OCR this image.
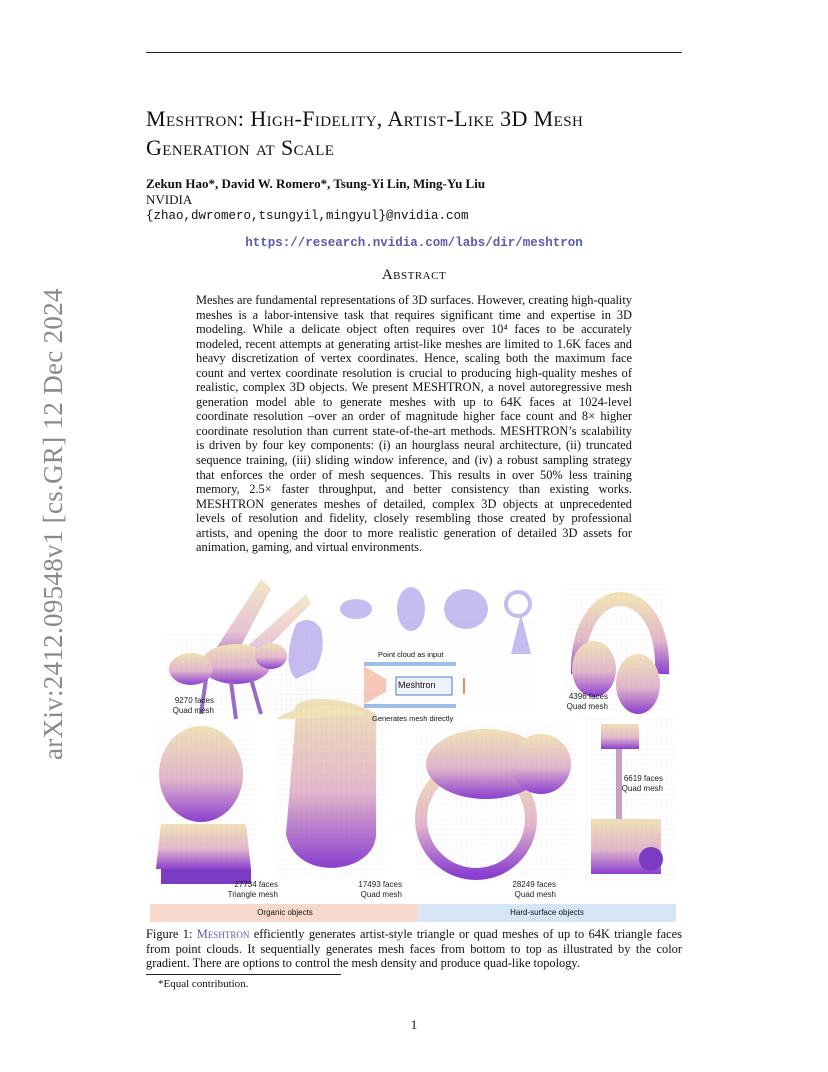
arXiv:2412.09548v1 [cs.GR] 12 Dec 2024
Meshtron: High-Fidelity, Artist-Like 3D Mesh
Generation at Scale
Zekun Hao*, David W. Romero*, Tsung-Yi Lin, Ming-Yu Liu
NVIDIA
{zhao,dwromero,tsungyil,mingyul}@nvidia.com
https://research.nvidia.com/labs/dir/meshtron
Abstract
Meshes are fundamental representations of 3D surfaces. However, creating high-quality meshes is a labor-intensive task that requires significant time and expertise in 3D modeling. While a delicate object often requires over 10⁴ faces to be accurately modeled, recent attempts at generating artist-like meshes are limited to 1.6K faces and heavy discretization of vertex coordinates. Hence, scaling both the maximum face count and vertex coordinate resolution is crucial to producing high-quality meshes of realistic, complex 3D objects. We present MESHTRON, a novel autoregressive mesh generation model able to generate meshes with up to 64K faces at 1024-level coordinate resolution –over an order of magnitude higher face count and 8× higher coordinate resolution than current state-of-the-art methods. MESHTRON’s scalability is driven by four key components: (i) an hourglass neural architecture, (ii) truncated sequence training, (iii) sliding window inference, and (iv) a robust sampling strategy that enforces the order of mesh sequences. This results in over 50% less training memory, 2.5× faster throughput, and better consistency than existing works. MESHTRON generates meshes of detailed, complex 3D objects at unprecedented levels of resolution and fidelity, closely resembling those created by professional artists, and opening the door to more realistic generation of detailed 3D assets for animation, gaming, and virtual environments.
Point cloud as input
Meshtron
Generates mesh directly
9270 faces
Quad mesh
4396 faces
Quad mesh
6619 faces
Quad mesh
27734 faces
Triangle mesh
17493 faces
Quad mesh
28249 faces
Quad mesh
Organic objects	Hard-surface objects
Figure 1: Meshtron efficiently generates artist-style triangle or quad meshes of up to 64K triangle faces from point clouds. It sequentially generates mesh faces from bottom to top as illustrated by the color gradient. There are options to control the mesh density and produce quad-like topology.
*Equal contribution.
1
